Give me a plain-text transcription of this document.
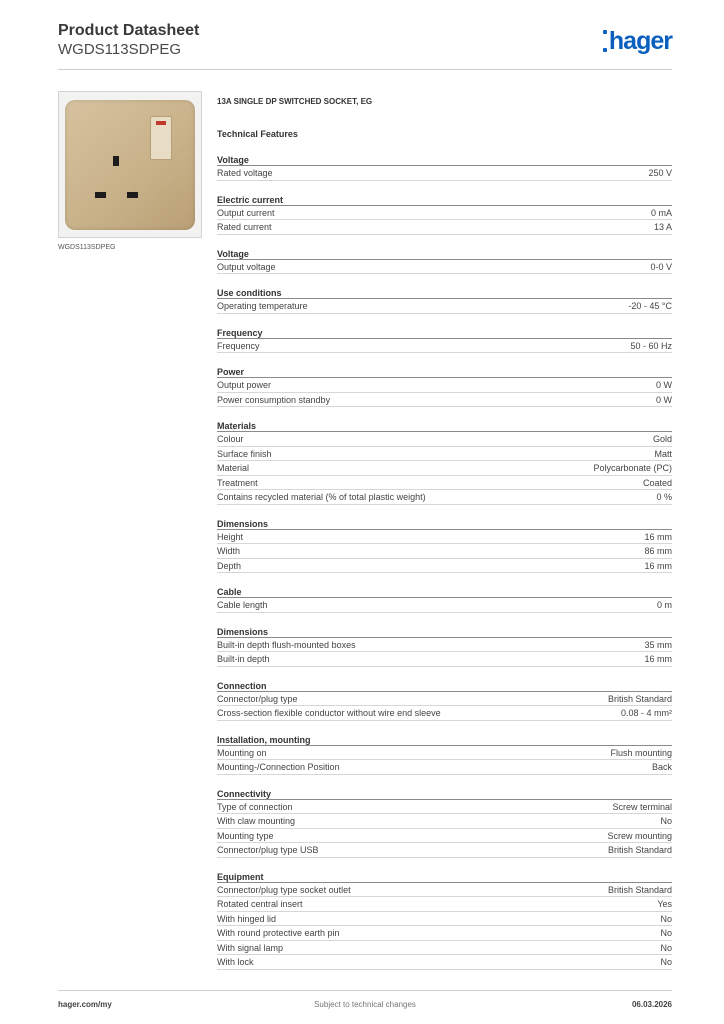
Product Datasheet
WGDS113SDPEG	hager
WGDS113SDPEG
13A SINGLE DP SWITCHED SOCKET, EG
Technical Features
Voltage
Rated voltage	250 V
Electric current
Output current	0 mA
Rated current	13 A
Voltage
Output voltage	0-0 V
Use conditions
Operating temperature	-20 - 45 °C
Frequency
Frequency	50 - 60 Hz
Power
Output power	0 W
Power consumption standby	0 W
Materials
Colour	Gold
Surface finish	Matt
Material	Polycarbonate (PC)
Treatment	Coated
Contains recycled material (% of total plastic weight)	0 %
Dimensions
Height	16 mm
Width	86 mm
Depth	16 mm
Cable
Cable length	0 m
Dimensions
Built-in depth flush-mounted boxes	35 mm
Built-in depth	16 mm
Connection
Connector/plug type	British Standard
Cross-section flexible conductor without wire end sleeve	0.08 - 4 mm²
Installation, mounting
Mounting on	Flush mounting
Mounting-/Connection Position	Back
Connectivity
Type of connection	Screw terminal
With claw mounting	No
Mounting type	Screw mounting
Connector/plug type USB	British Standard
Equipment
Connector/plug type socket outlet	British Standard
Rotated central insert	Yes
With hinged lid	No
With round protective earth pin	No
With signal lamp	No
With lock	No
hager.com/my	Subject to technical changes	06.03.2026
